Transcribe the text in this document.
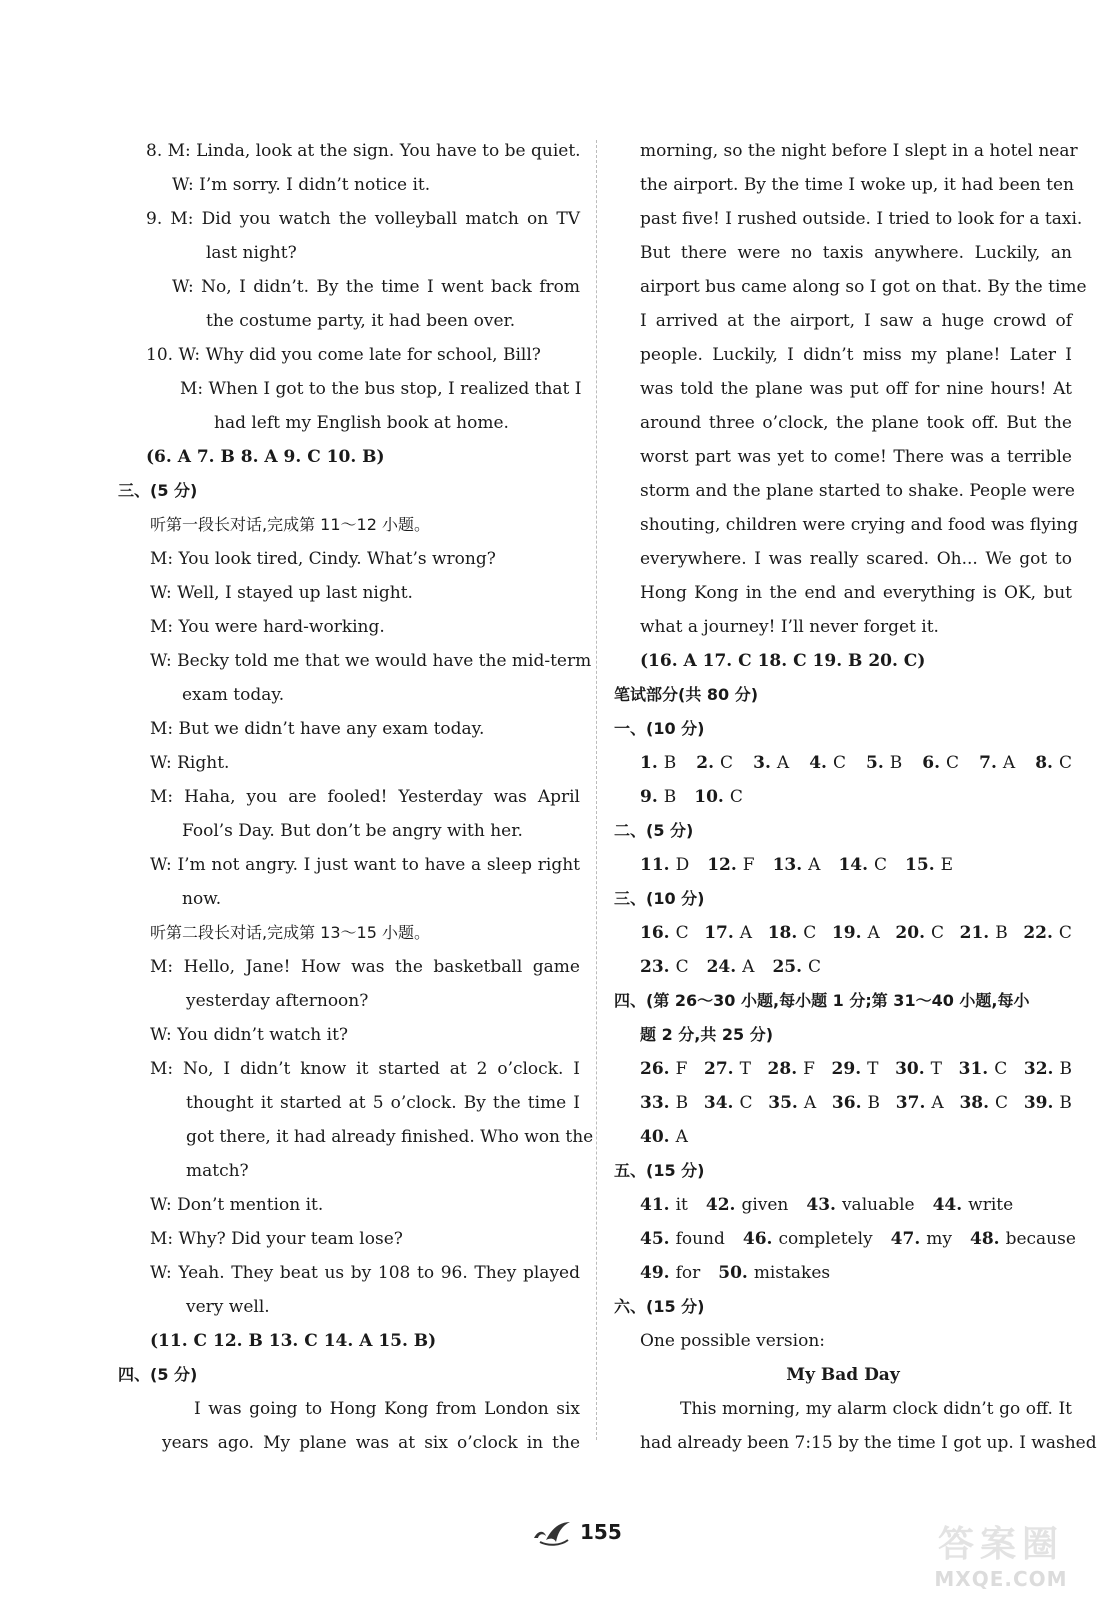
8. M: Linda, look at the sign. You have to be quiet.
W: I’m sorry. I didn’t notice it.
9. M: Did you watch the volleyball match on TV
last night?
W: No, I didn’t. By the time I went back from
the costume party, it had been over.
10. W: Why did you come late for school, Bill?
M: When I got to the bus stop, I realized that I
had left my English book at home.
(6. A 7. B 8. A 9. C 10. B)
三、(5 分)
听第一段长对话,完成第 11～12 小题。
M: You look tired, Cindy. What’s wrong?
W: Well, I stayed up last night.
M: You were hard-working.
W: Becky told me that we would have the mid-term
exam today.
M: But we didn’t have any exam today.
W: Right.
M: Haha, you are fooled! Yesterday was April
Fool’s Day. But don’t be angry with her.
W: I’m not angry. I just want to have a sleep right
now.
听第二段长对话,完成第 13～15 小题。
M: Hello, Jane! How was the basketball game
yesterday afternoon?
W: You didn’t watch it?
M: No, I didn’t know it started at 2 o’clock. I
thought it started at 5 o’clock. By the time I
got there, it had already finished. Who won the
match?
W: Don’t mention it.
M: Why? Did your team lose?
W: Yeah. They beat us by 108 to 96. They played
very well.
(11. C 12. B 13. C 14. A 15. B)
四、(5 分)
I was going to Hong Kong from London six
years ago. My plane was at six o’clock in the
morning, so the night before I slept in a hotel near
the airport. By the time I woke up, it had been ten
past five! I rushed outside. I tried to look for a taxi.
But there were no taxis anywhere. Luckily, an
airport bus came along so I got on that. By the time
I arrived at the airport, I saw a huge crowd of
people. Luckily, I didn’t miss my plane! Later I
was told the plane was put off for nine hours! At
around three o’clock, the plane took off. But the
worst part was yet to come! There was a terrible
storm and the plane started to shake. People were
shouting, children were crying and food was flying
everywhere. I was really scared. Oh... We got to
Hong Kong in the end and everything is OK, but
what a journey! I’ll never forget it.
(16. A 17. C 18. C 19. B 20. C)
笔试部分(共 80 分)
一、(10 分)
1. B 2. C 3. A 4. C 5. B 6. C 7. A 8. C
9. B 10. C
二、(5 分)
11. D 12. F 13. A 14. C 15. E
三、(10 分)
16. C 17. A 18. C 19. A 20. C 21. B 22. C
23. C 24. A 25. C
四、(第 26～30 小题,每小题 1 分;第 31～40 小题,每小
题 2 分,共 25 分)
26. F 27. T 28. F 29. T 30. T 31. C 32. B
33. B 34. C 35. A 36. B 37. A 38. C 39. B
40. A
五、(15 分)
41. it 42. given 43. valuable 44. write
45. found 46. completely 47. my 48. because
49. for 50. mistakes
六、(15 分)
One possible version:
My Bad Day
This morning, my alarm clock didn’t go off. It
had already been 7:15 by the time I got up. I washed
155	答案圈
MXQE.COM
